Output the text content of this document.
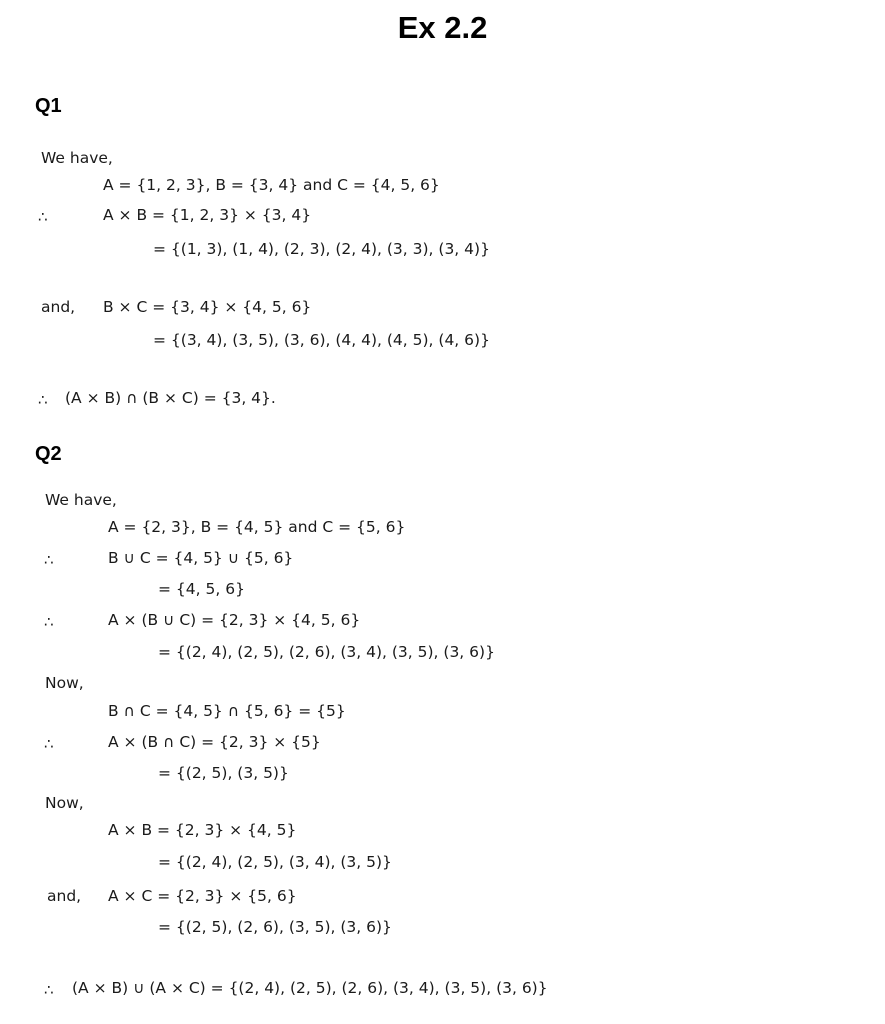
Ex 2.2
Q1
We have,
A = {1, 2, 3}, B = {3, 4} and C = {4, 5, 6}
∴	A × B = {1, 2, 3} × {3, 4}
= {(1, 3), (1, 4), (2, 3), (2, 4), (3, 3), (3, 4)}
and, B × C = {3, 4} × {4, 5, 6}
= {(3, 4), (3, 5), (3, 6), (4, 4), (4, 5), (4, 6)}
∴ (A × B) ∩ (B × C) = {3, 4}.
Q2
We have,
A = {2, 3}, B = {4, 5} and C = {5, 6}
∴	B ∪ C = {4, 5} ∪ {5, 6}
= {4, 5, 6}
∴	A × (B ∪ C) = {2, 3} × {4, 5, 6}
= {(2, 4), (2, 5), (2, 6), (3, 4), (3, 5), (3, 6)}
Now,
B ∩ C = {4, 5} ∩ {5, 6} = {5}
∴	A × (B ∩ C) = {2, 3} × {5}
= {(2, 5), (3, 5)}
Now,
A × B = {2, 3} × {4, 5}
= {(2, 4), (2, 5), (3, 4), (3, 5)}
and, A × C = {2, 3} × {5, 6}
= {(2, 5), (2, 6), (3, 5), (3, 6)}
∴ (A × B) ∪ (A × C) = {(2, 4), (2, 5), (2, 6), (3, 4), (3, 5), (3, 6)}
